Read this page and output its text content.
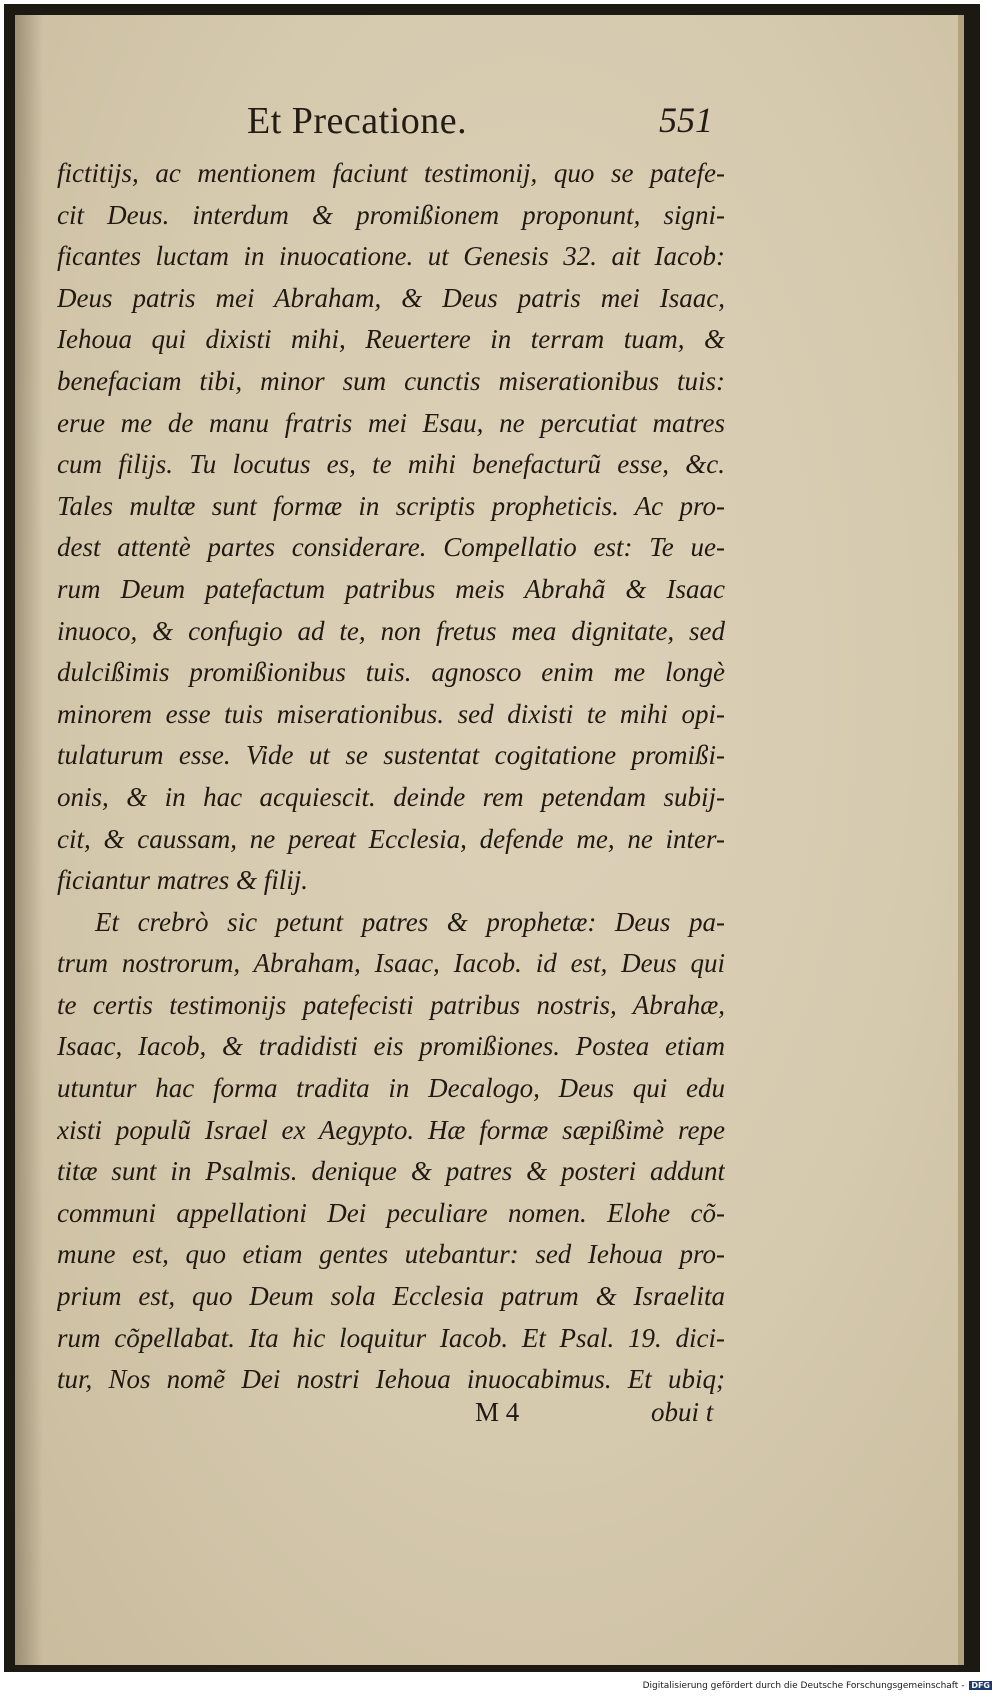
Et Precatione.	551
fictitijs, ac mentionem faciunt testimonij, quo se patefe-
cit Deus. interdum & promißionem proponunt, signi-
ficantes luctam in inuocatione. ut Genesis 32. ait Iacob:
Deus patris mei Abraham, & Deus patris mei Isaac,
Iehoua qui dixisti mihi, Reuertere in terram tuam, &
benefaciam tibi, minor sum cunctis miserationibus tuis:
erue me de manu fratris mei Esau, ne percutiat matres
cum filijs. Tu locutus es, te mihi benefacturũ esse, &c.
Tales multæ sunt formæ in scriptis propheticis. Ac pro-
dest attentè partes considerare. Compellatio est: Te ue-
rum Deum patefactum patribus meis Abrahã & Isaac
inuoco, & confugio ad te, non fretus mea dignitate, sed
dulcißimis promißionibus tuis. agnosco enim me longè
minorem esse tuis miserationibus. sed dixisti te mihi opi-
tulaturum esse. Vide ut se sustentat cogitatione promißi-
onis, & in hac acquiescit. deinde rem petendam subij-
cit, & caussam, ne pereat Ecclesia, defende me, ne inter-
ficiantur matres & filij.
Et crebrò sic petunt patres & prophetæ: Deus pa-
trum nostrorum, Abraham, Isaac, Iacob. id est, Deus qui
te certis testimonijs patefecisti patribus nostris, Abrahæ,
Isaac, Iacob, & tradidisti eis promißiones. Postea etiam
utuntur hac forma tradita in Decalogo, Deus qui edu
xisti populũ Israel ex Aegypto. Hæ formæ sæpißimè repe
titæ sunt in Psalmis. denique & patres & posteri addunt
communi appellationi Dei peculiare nomen. Elohe cõ-
mune est, quo etiam gentes utebantur: sed Iehoua pro-
prium est, quo Deum sola Ecclesia patrum & Israelita
rum cõpellabat. Ita hic loquitur Iacob. Et Psal. 19. dici-
tur, Nos nomẽ Dei nostri Iehoua inuocabimus. Et ubiq;
M 4	obui t
Digitalisierung gefördert durch die Deutsche Forschungsgemeinschaft - DFG
